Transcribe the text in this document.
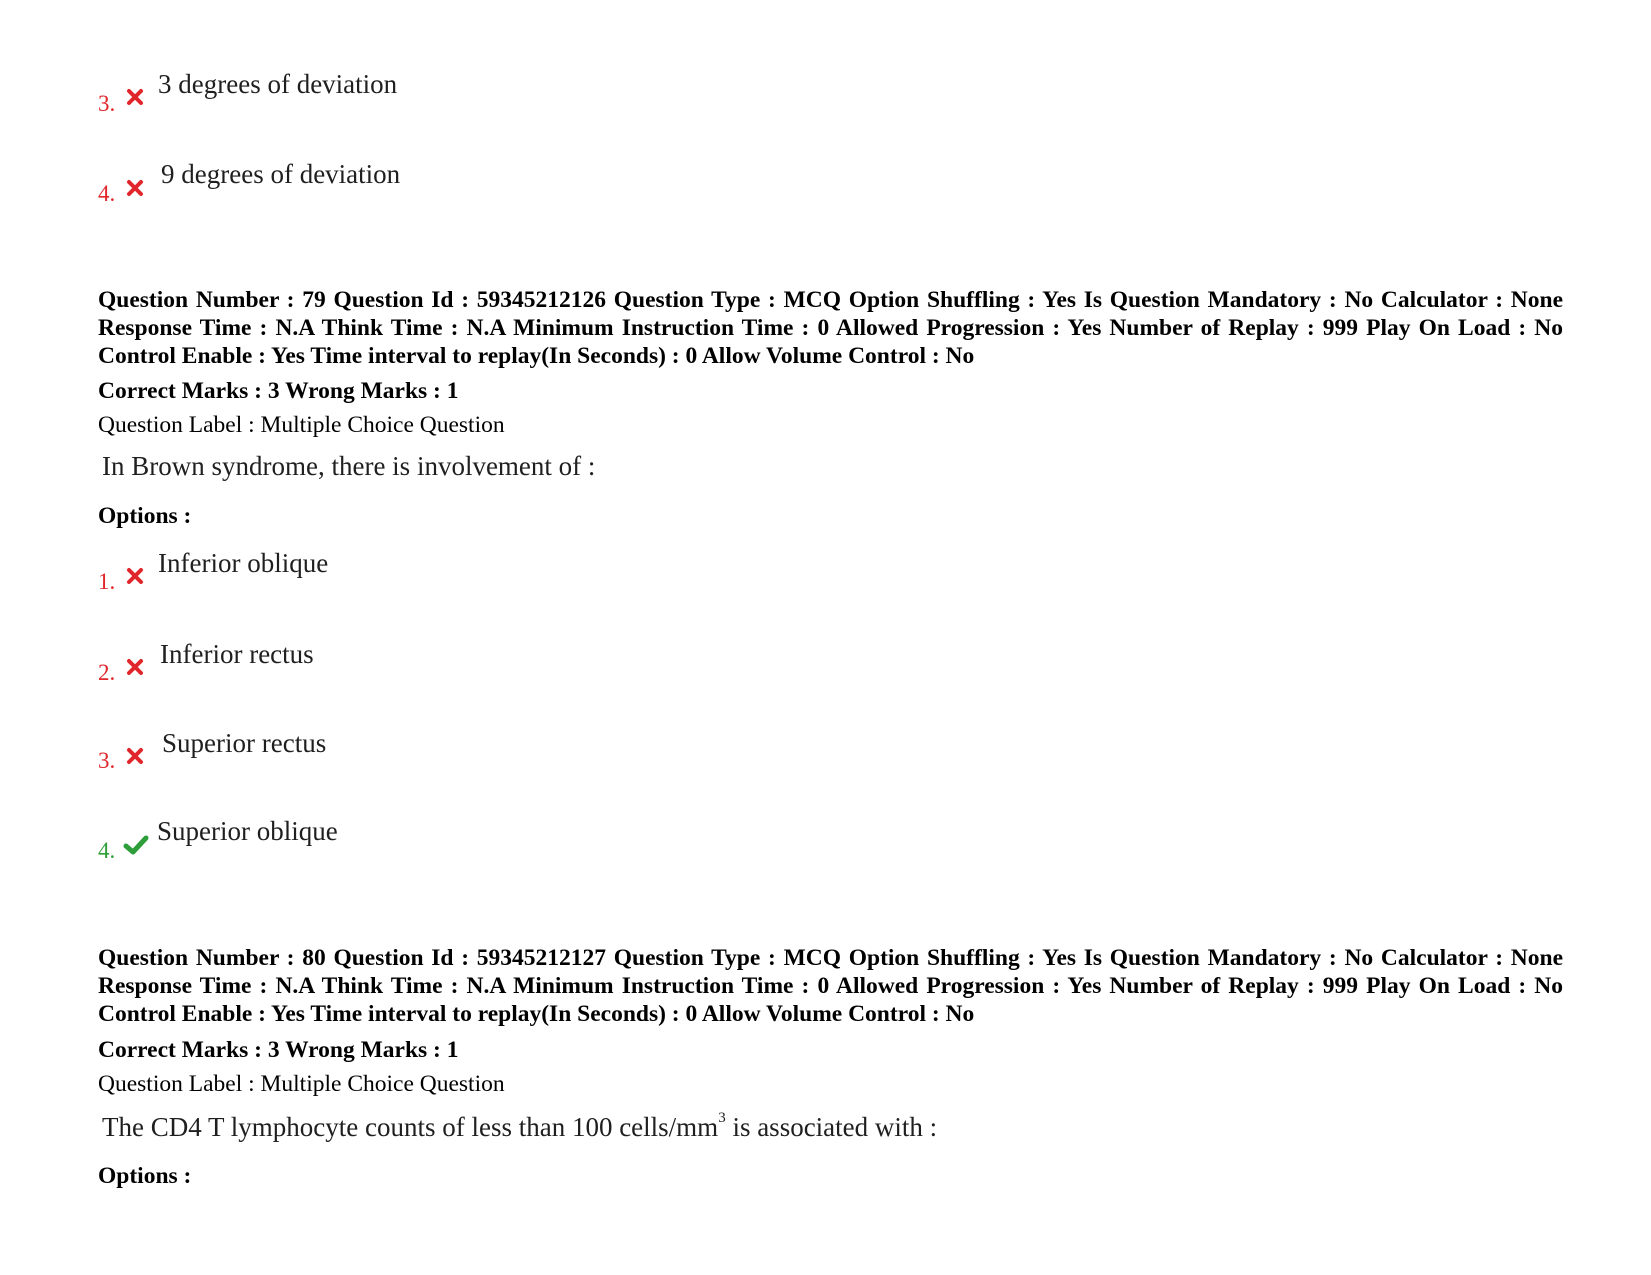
3.
3 degrees of deviation
4.
9 degrees of deviation
Question Number : 79 Question Id : 59345212126 Question Type : MCQ Option Shuffling : Yes Is Question Mandatory : No Calculator : None Response Time : N.A Think Time : N.A Minimum Instruction Time : 0 Allowed Progression : Yes Number of Replay : 999 Play On Load : No Control Enable : Yes Time interval to replay(In Seconds) : 0 Allow Volume Control : No
Correct Marks : 3 Wrong Marks : 1
Question Label : Multiple Choice Question
In Brown syndrome, there is involvement of :
Options :
1.
Inferior oblique
2.
Inferior rectus
3.
Superior rectus
4.
Superior oblique
Question Number : 80 Question Id : 59345212127 Question Type : MCQ Option Shuffling : Yes Is Question Mandatory : No Calculator : None Response Time : N.A Think Time : N.A Minimum Instruction Time : 0 Allowed Progression : Yes Number of Replay : 999 Play On Load : No Control Enable : Yes Time interval to replay(In Seconds) : 0 Allow Volume Control : No
Correct Marks : 3 Wrong Marks : 1
Question Label : Multiple Choice Question
The CD4 T lymphocyte counts of less than 100 cells/$mm^3$ is associated with :
Options :
